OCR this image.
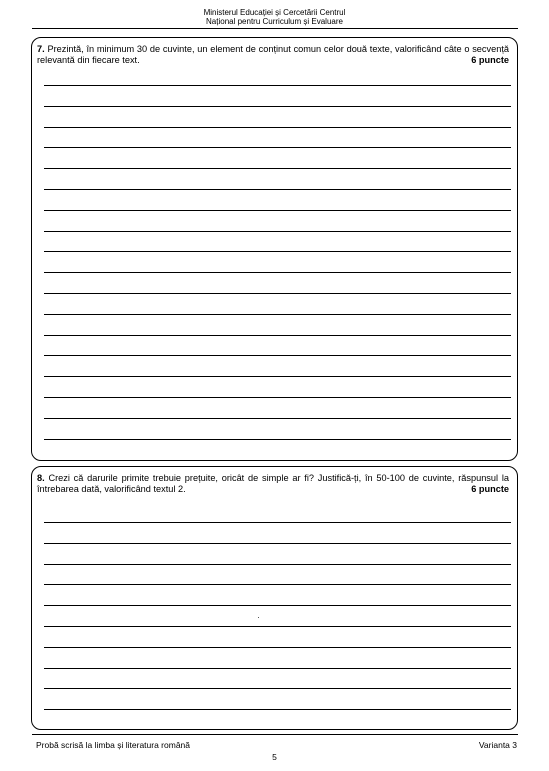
Ministerul Educației și Cercetării Centrul
Național pentru Curriculum și Evaluare
7. Prezintă, în minimum 30 de cuvinte, un element de conținut comun celor două texte, valorificând câte o secvență relevantă din fiecare text.	6 puncte
8. Crezi că darurile primite trebuie prețuite, oricât de simple ar fi? Justifică-ți, în 50-100 de cuvinte, răspunsul la întrebarea dată, valorificând textul 2.	6 puncte
Probă scrisă la limba și literatura română	Varianta 3
5
